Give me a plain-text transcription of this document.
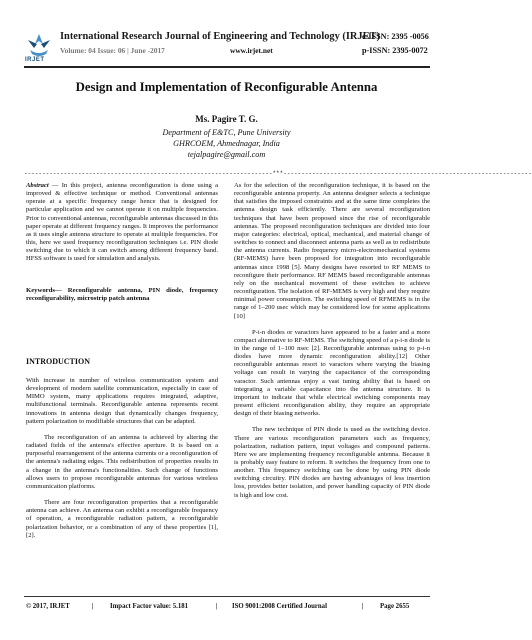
IRJET
International Research Journal of Engineering and Technology (IRJET)
e-ISSN: 2395 -0056
Volume: 04 Issue: 06 | June -2017	www.irjet.net	p-ISSN: 2395-0072
Design and Implementation of Reconfigurable Antenna
Ms. Pagire T. G.
Department of E&TC, Pune University
GHRCOEM, Ahmednagar, India
tejalpagire@gmail.com
---------------------------------------------------------------------***---------------------------------------------------------------------

Abstract — In this project, antenna reconfiguration is done using a improved & effective technique or method. Conventional antennas operate at a specific frequency range hence that is designed for particular application and we cannot operate it on multiple frequencies. Prior to conventional antennas, reconfigurable antennas discussed in this paper operate at different frequency ranges. It improves the performance as it uses single antenna structure to operate at multiple frequencies. For this, here we used frequency reconfiguration techniques i.e. PIN diode switching due to which it can switch among different frequency band. HFSS software is used for simulation and analysis.

Keywords— Reconfigurable antenna, PIN diode, frequency reconfigurability, microstrip patch antenna

INTRODUCTION

With increase in number of wireless communication system and development of modern satellite communication, especially in case of MIMO system, many applications requires integrated, adaptive, multifunctional terminals. Reconfigurable antenna represents recent innovations in antenna design that dynamically changes frequency, pattern polarization to modifiable structures that can be adapted.

The reconfiguration of an antenna is achieved by altering the radiated fields of the antenna's effective aperture. It is based on a purposeful rearrangement of the antenna currents or a reconfiguration of the antenna's radiating edges. This redistribution of properties results in a change in the antenna's functionalities. Such change of functions allows users to propose reconfigurable antennas for various wireless communication platforms.

There are four reconfiguration properties that a reconfigurable antenna can achieve. An antenna can exhibit a reconfigurable frequency of operation, a reconfigurable radiation pattern, a reconfigurable polarization behavior, or a combination of any of these properties [1], [2].

As for the selection of the reconfiguration technique, it is based on the reconfigurable antenna property. An antenna designer selects a technique that satisfies the imposed constraints and at the same time completes the antenna design task efficiently. There are several reconfiguration techniques that have been proposed since the rise of reconfigurable antennas. The proposed reconfiguration techniques are divided into four major categories: electrical, optical, mechanical, and material change of switches to connect and disconnect antenna parts as well as to redistribute the antenna currents. Radio frequency micro-electromechanical systems (RF-MEMS) have been proposed for integration into reconfigurable antennas since 1998 [5]. Many designs have resorted to RF MEMS to reconfigure their performance. RF MEMS based reconfigurable antennas rely on the mechanical movement of these switches to achieve reconfiguration. The isolation of RF-MEMS is very high and they require minimal power consumption. The switching speed of RFMEMS is in the range of 1–200 usec which may be considered low for some applications [10]

P-i-n diodes or varactors have appeared to be a faster and a more compact alternative to RF-MEMS. The switching speed of a p-i-n diode is in the range of 1–100 nsec [2]. Reconfigurable antennas using to p-i-n diodes have more dynamic reconfiguration ability.[12] Other reconfigurable antennas resort to varactors where varying the biasing voltage can result in varying the capacitance of the corresponding varactor. Such antennas enjoy a vast tuning ability that is based on integrating a variable capacitance into the antenna structure. It is important to indicate that while electrical switching components may present efficient reconfiguration ability, they require an appropriate design of their biasing networks.

The new technique of PIN diode is used as the switching device. There are various reconfiguration parameters such as frequency, polarization, radiation pattern, input voltages and compound patterns. Here we are implementing frequency reconfigurable antenna. Because it is probably easy feature to reform. It switches the frequency from one to another. This frequency switching can be done by using PIN diode switching circuitry. PIN diodes are having advantages of less insertion loss, provides better isolation, and power handling capacity of PIN diode is high and low cost.

© 2017, IRJET	| Impact Factor value: 5.181	| ISO 9001:2008 Certified Journal	| Page 2655
